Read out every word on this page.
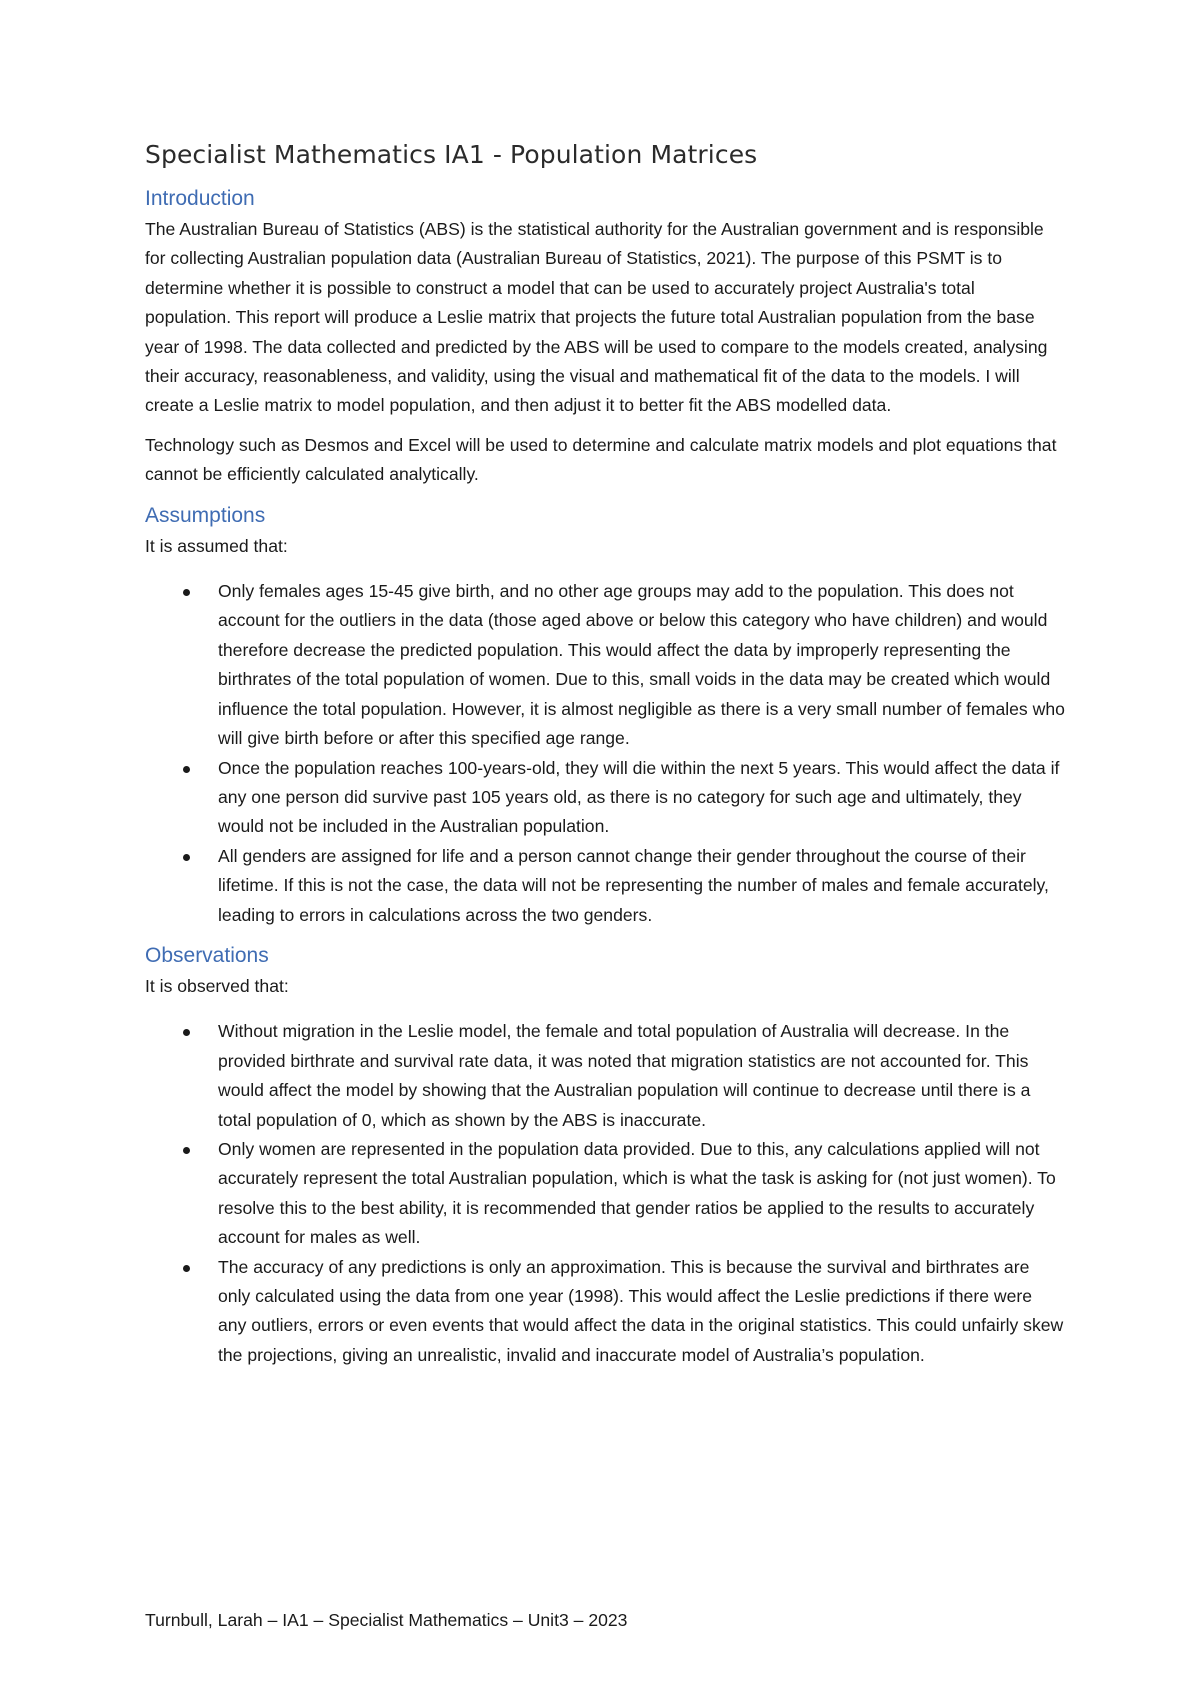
Specialist Mathematics IA1 - Population Matrices
Introduction

The Australian Bureau of Statistics (ABS) is the statistical authority for the Australian government and is responsible for collecting Australian population data (Australian Bureau of Statistics, 2021). The purpose of this PSMT is to determine whether it is possible to construct a model that can be used to accurately project Australia's total population. This report will produce a Leslie matrix that projects the future total Australian population from the base year of 1998. The data collected and predicted by the ABS will be used to compare to the models created, analysing their accuracy, reasonableness, and validity, using the visual and mathematical fit of the data to the models. I will create a Leslie matrix to model population, and then adjust it to better fit the ABS modelled data.

Technology such as Desmos and Excel will be used to determine and calculate matrix models and plot equations that cannot be efficiently calculated analytically.

Assumptions

It is assumed that:

Only females ages 15-45 give birth, and no other age groups may add to the population. This does not account for the outliers in the data (those aged above or below this category who have children) and would therefore decrease the predicted population. This would affect the data by improperly representing the birthrates of the total population of women. Due to this, small voids in the data may be created which would influence the total population. However, it is almost negligible as there is a very small number of females who will give birth before or after this specified age range.
Once the population reaches 100-years-old, they will die within the next 5 years. This would affect the data if any one person did survive past 105 years old, as there is no category for such age and ultimately, they would not be included in the Australian population.
All genders are assigned for life and a person cannot change their gender throughout the course of their lifetime. If this is not the case, the data will not be representing the number of males and female accurately, leading to errors in calculations across the two genders.
Observations

It is observed that:

Without migration in the Leslie model, the female and total population of Australia will decrease. In the provided birthrate and survival rate data, it was noted that migration statistics are not accounted for. This would affect the model by showing that the Australian population will continue to decrease until there is a total population of 0, which as shown by the ABS is inaccurate.
Only women are represented in the population data provided. Due to this, any calculations applied will not accurately represent the total Australian population, which is what the task is asking for (not just women). To resolve this to the best ability, it is recommended that gender ratios be applied to the results to accurately account for males as well.
The accuracy of any predictions is only an approximation. This is because the survival and birthrates are only calculated using the data from one year (1998). This would affect the Leslie predictions if there were any outliers, errors or even events that would affect the data in the original statistics. This could unfairly skew the projections, giving an unrealistic, invalid and inaccurate model of Australia’s population.
Turnbull, Larah – IA1 – Specialist Mathematics – Unit3 – 2023
